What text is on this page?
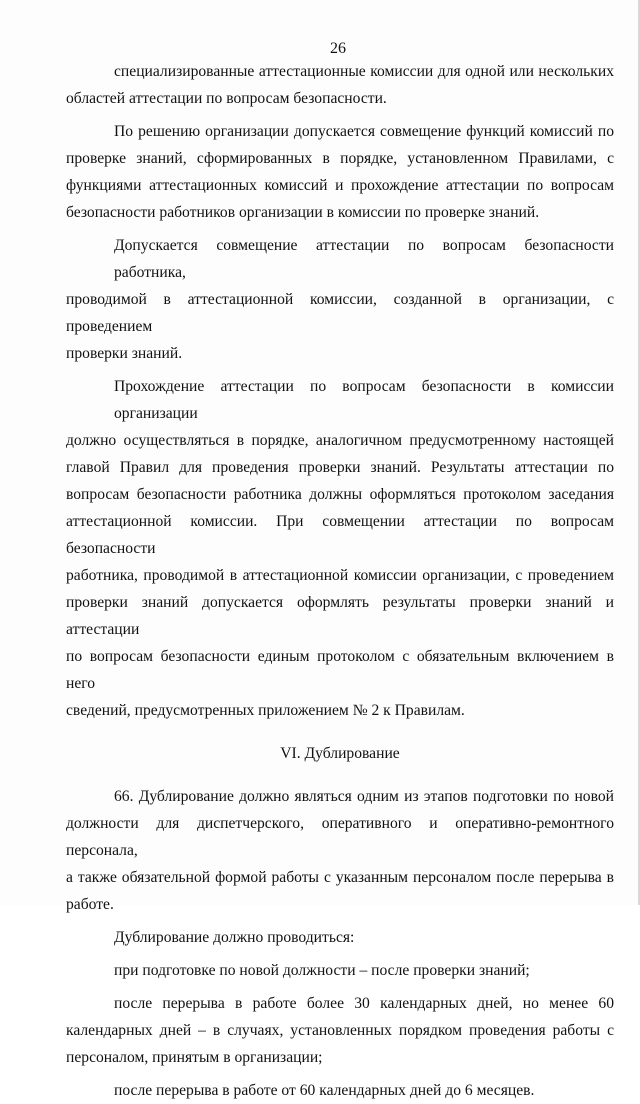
26

специализированные аттестационные комиссии для одной или нескольких
областей аттестации по вопросам безопасности.

По решению организации допускается совмещение функций комиссий по
проверке знаний, сформированных в порядке, установленном Правилами, с
функциями аттестационных комиссий и прохождение аттестации по вопросам
безопасности работников организации в комиссии по проверке знаний.

Допускается совмещение аттестации по вопросам безопасности работника,
проводимой в аттестационной комиссии, созданной в организации, с проведением
проверки знаний.

Прохождение аттестации по вопросам безопасности в комиссии организации
должно осуществляться в порядке, аналогичном предусмотренному настоящей
главой Правил для проведения проверки знаний. Результаты аттестации по
вопросам безопасности работника должны оформляться протоколом заседания
аттестационной комиссии. При совмещении аттестации по вопросам безопасности
работника, проводимой в аттестационной комиссии организации, с проведением
проверки знаний допускается оформлять результаты проверки знаний и аттестации
по вопросам безопасности единым протоколом с обязательным включением в него
сведений, предусмотренных приложением № 2 к Правилам.

VI. Дублирование

66. Дублирование должно являться одним из этапов подготовки по новой
должности для диспетчерского, оперативного и оперативно-ремонтного персонала,
а также обязательной формой работы с указанным персоналом после перерыва в
работе.

Дублирование должно проводиться:

при подготовке по новой должности – после проверки знаний;

после перерыва в работе более 30 календарных дней, но менее 60
календарных дней – в случаях, установленных порядком проведения работы с
персоналом, принятым в организации;

после перерыва в работе от 60 календарных дней до 6 месяцев.
